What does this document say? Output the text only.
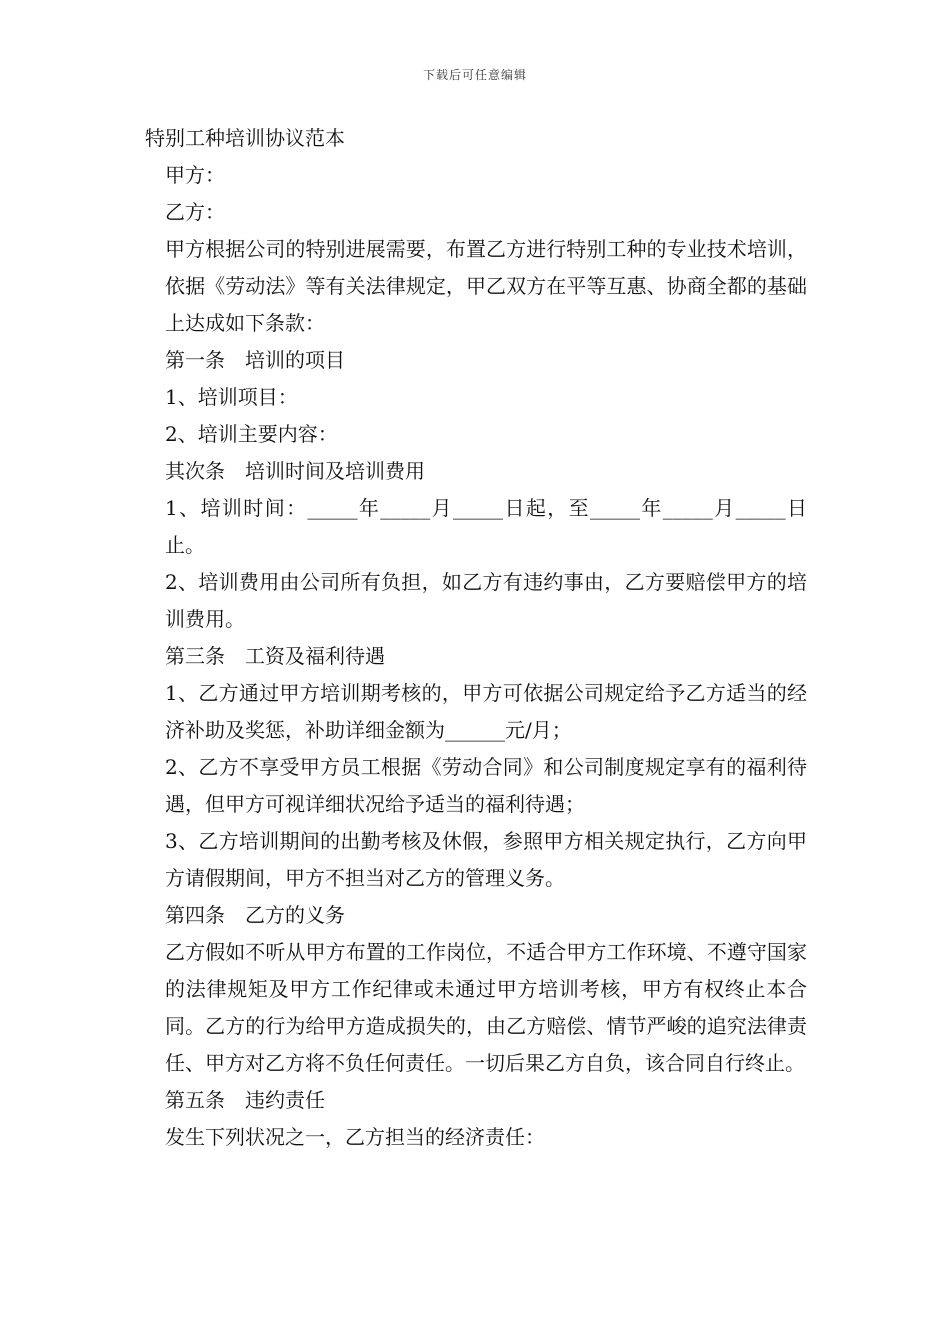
下载后可任意编辑

特别工种培训协议范本

甲方：

乙方：

甲方根据公司的特别进展需要，布置乙方进行特别工种的专业技术培训，依据《劳动法》等有关法律规定，甲乙双方在平等互惠、协商全都的基础上达成如下条款：

第一条　培训的项目

1、培训项目：

2、培训主要内容：

其次条　培训时间及培训费用

1、培训时间：_____年_____月_____日起，至_____年_____月_____日止。

2、培训费用由公司所有负担，如乙方有违约事由，乙方要赔偿甲方的培训费用。

第三条　工资及福利待遇

1、乙方通过甲方培训期考核的，甲方可依据公司规定给予乙方适当的经济补助及奖惩，补助详细金额为______元/月；

2、乙方不享受甲方员工根据《劳动合同》和公司制度规定享有的福利待遇，但甲方可视详细状况给予适当的福利待遇；

3、乙方培训期间的出勤考核及休假，参照甲方相关规定执行，乙方向甲方请假期间，甲方不担当对乙方的管理义务。

第四条　乙方的义务

乙方假如不听从甲方布置的工作岗位，不适合甲方工作环境、不遵守国家的法律规矩及甲方工作纪律或未通过甲方培训考核，甲方有权终止本合同。乙方的行为给甲方造成损失的，由乙方赔偿、情节严峻的追究法律责任、甲方对乙方将不负任何责任。一切后果乙方自负，该合同自行终止。

第五条　违约责任

发生下列状况之一，乙方担当的经济责任：
